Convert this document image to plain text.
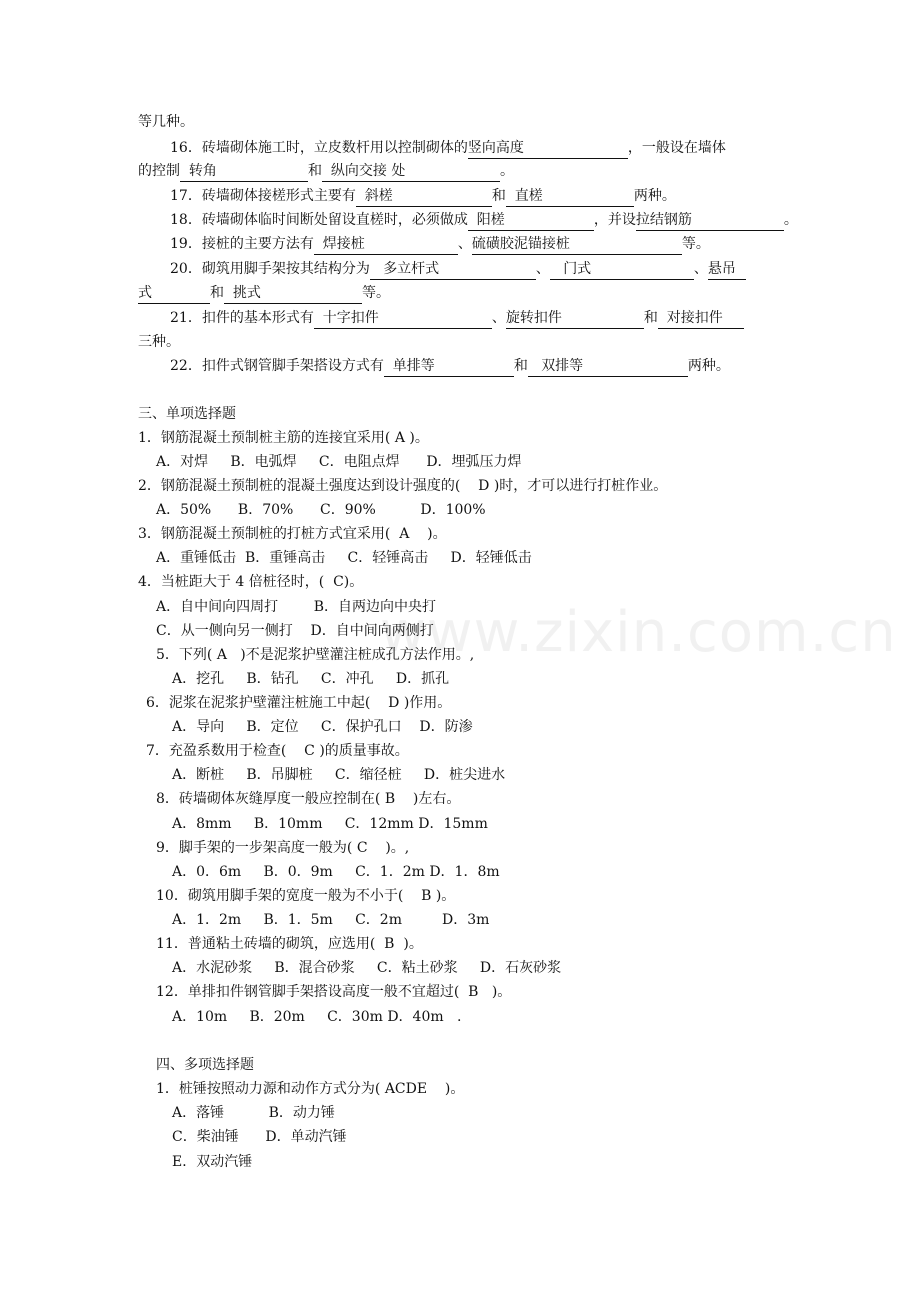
www.zixin.com.cn
等几种。
16．砖墙砌体施工时，立皮数杆用以控制砌体的竖向高度	，一般设在墙体
的控制 转角	和 纵向交接 处	。
17．砖墙砌体接槎形式主要有 斜槎	和 直槎	两种。
18．砖墙砌体临时间断处留设直槎时，必须做成 阳槎	，并设拉结钢筋	。
19．接桩的主要方法有 焊接桩	、硫磺胶泥锚接桩	等。
20．砌筑用脚手架按其结构分为 多立杆式	、 门式	、悬吊
式	和 挑式	等。
21．扣件的基本形式有 十字扣件	、旋转扣件	和 对接扣件
三种。
22．扣件式钢管脚手架搭设方式有 单排等	和 双排等	两种。
三、单项选择题
1．钢筋混凝土预制桩主筋的连接宜采用( A )。
A．对焊     B．电弧焊     C．电阻点焊      D．埋弧压力焊
2．钢筋混凝土预制桩的混凝土强度达到设计强度的(    D )时，才可以进行打桩作业。
A．50%      B．70%      C．90%          D．100%
3．钢筋混凝土预制桩的打桩方式宜采用(  A    )。
A．重锤低击  B．重锤高击     C．轻锤高击     D．轻锤低击
4．当桩距大于 4 倍桩径时，(  C)。
A．自中间向四周打        B．自两边向中央打
C．从一侧向另一侧打    D．自中间向两侧打
5．下列( A   )不是泥浆护壁灌注桩成孔方法作用。,
A．挖孔     B．钻孔     C．冲孔     D．抓孔
6．泥浆在泥浆护壁灌注桩施工中起(    D )作用。
A．导向     B．定位     C．保护孔口    D．防渗
7．充盈系数用于检查(    C )的质量事故。
A．断桩     B．吊脚桩     C．缩径桩     D．桩尖进水
8．砖墙砌体灰缝厚度一般应控制在( B    )左右。
A．8mm     B．10mm     C．12mm D．15mm
9．脚手架的一步架高度一般为( C    )。,
A．0．6m     B．0．9m     C．1．2m D．1．8m
10．砌筑用脚手架的宽度一般为不小于(    B )。
A．1．2m     B．1．5m     C．2m         D．3m
11．普通粘土砖墙的砌筑，应选用(  B  )。
A．水泥砂浆     B．混合砂浆     C．粘土砂浆     D．石灰砂浆
12．单排扣件钢管脚手架搭设高度一般不宜超过(  B   )。
A．10m     B．20m     C．30m D．40m   .
四、多项选择题
1．桩锤按照动力源和动作方式分为( ACDE    )。
A．落锤          B．动力锤
C．柴油锤      D．单动汽锤
E．双动汽锤
